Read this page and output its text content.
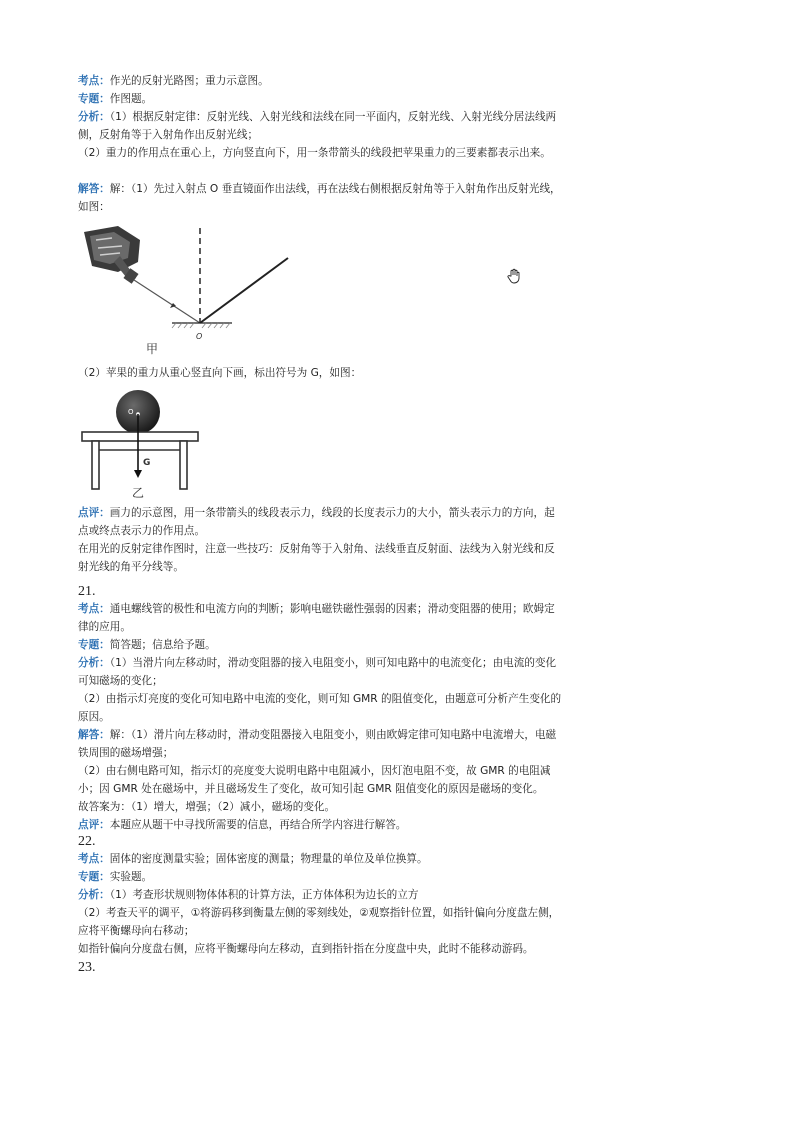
考点：作光的反射光路图；重力示意图。
专题：作图题。

分析：（1）根据反射定律：反射光线、入射光线和法线在同一平面内，反射光线、入射光线分居法线两侧，反射角等于入射角作出反射光线；

（2）重力的作用点在重心上，方向竖直向下，用一条带箭头的线段把苹果重力的三要素都表示出来。

解答：解：（1）先过入射点 O 垂直镜面作出法线，再在法线右侧根据反射角等于入射角作出反射光线，如图：
O
甲
（2）苹果的重力从重心竖直向下画，标出符号为 G，如图：
O
G
乙

点评：画力的示意图，用一条带箭头的线段表示力，线段的长度表示力的大小，箭头表示力的方向，起点或终点表示力的作用点。

在用光的反射定律作图时，注意一些技巧：反射角等于入射角、法线垂直反射面、法线为入射光线和反射光线的角平分线等。

21.
考点：通电螺线管的极性和电流方向的判断；影响电磁铁磁性强弱的因素；滑动变阻器的使用；欧姆定律的应用。
专题：简答题；信息给予题。

分析：（1）当滑片向左移动时，滑动变阻器的接入电阻变小，则可知电路中的电流变化；由电流的变化可知磁场的变化；

（2）由指示灯亮度的变化可知电路中电流的变化，则可知 GMR 的阻值变化，由题意可分析产生变化的原因。

解答：解：（1）滑片向左移动时，滑动变阻器接入电阻变小，则由欧姆定律可知电路中电流增大，电磁铁周围的磁场增强；

（2）由右侧电路可知，指示灯的亮度变大说明电路中电阻减小，因灯泡电阻不变，故 GMR 的电阻减小；因 GMR 处在磁场中，并且磁场发生了变化，故可知引起 GMR 阻值变化的原因是磁场的变化。

故答案为：（1）增大，增强；（2）减小，磁场的变化。

点评：本题应从题干中寻找所需要的信息，再结合所学内容进行解答。
22.
考点：固体的密度测量实验；固体密度的测量；物理量的单位及单位换算。
专题：实验题。

分析：（1）考查形状规则物体体积的计算方法，正方体体积为边长的立方

（2）考查天平的调平，①将游码移到衡量左侧的零刻线处，②观察指针位置，如指针偏向分度盘左侧，应将平衡螺母向右移动；

如指针偏向分度盘右侧，应将平衡螺母向左移动，直到指针指在分度盘中央，此时不能移动游码。

23.
